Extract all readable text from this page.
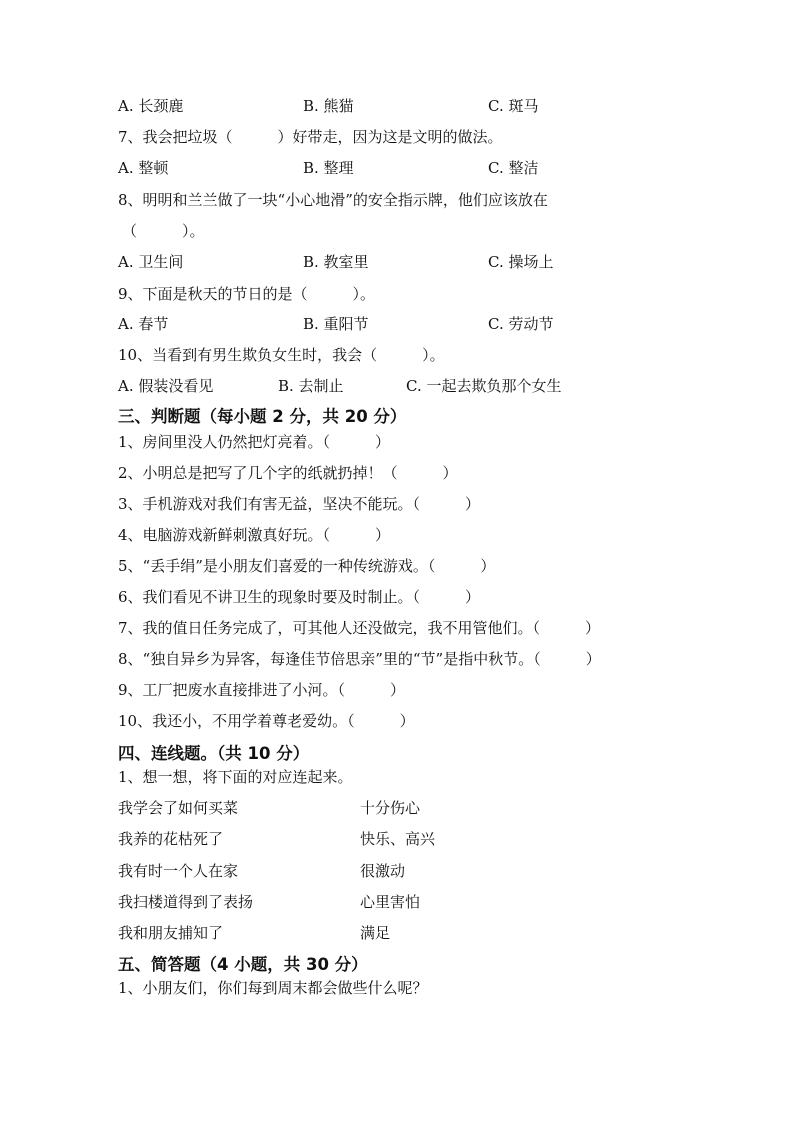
A. 长颈鹿	B. 熊猫	C. 斑马
7、我会把垃圾（　　　）好带走，因为这是文明的做法。
A. 整顿	B. 整理	C. 整洁
8、明明和兰兰做了一块“小心地滑”的安全指示牌，他们应该放在
（　　　）。
A. 卫生间	B. 教室里	C. 操场上
9、下面是秋天的节日的是（　　　）。
A. 春节	B. 重阳节	C. 劳动节
10、当看到有男生欺负女生时，我会（　　　）。
A. 假装没看见	B. 去制止	C. 一起去欺负那个女生
三、判断题（每小题 2 分，共 20 分）
1、房间里没人仍然把灯亮着。（　　　）
2、小明总是把写了几个字的纸就扔掉！（　　　）
3、手机游戏对我们有害无益，坚决不能玩。（　　　）
4、电脑游戏新鲜刺激真好玩。（　　　）
5、“丢手绢”是小朋友们喜爱的一种传统游戏。（　　　）
6、我们看见不讲卫生的现象时要及时制止。（　　　）
7、我的值日任务完成了，可其他人还没做完，我不用管他们。（　　　）
8、“独自异乡为异客，每逢佳节倍思亲”里的“节”是指中秋节。（　　　）
9、工厂把废水直接排进了小河。（　　　）
10、我还小，不用学着尊老爱幼。（　　　）
四、连线题。（共 10 分）
1、想一想，将下面的对应连起来。
我学会了如何买菜	十分伤心
我养的花枯死了	快乐、高兴
我有时一个人在家	很激动
我扫楼道得到了表扬	心里害怕
我和朋友捕知了	满足
五、简答题（4 小题，共 30 分）
1、小朋友们，你们每到周末都会做些什么呢？
